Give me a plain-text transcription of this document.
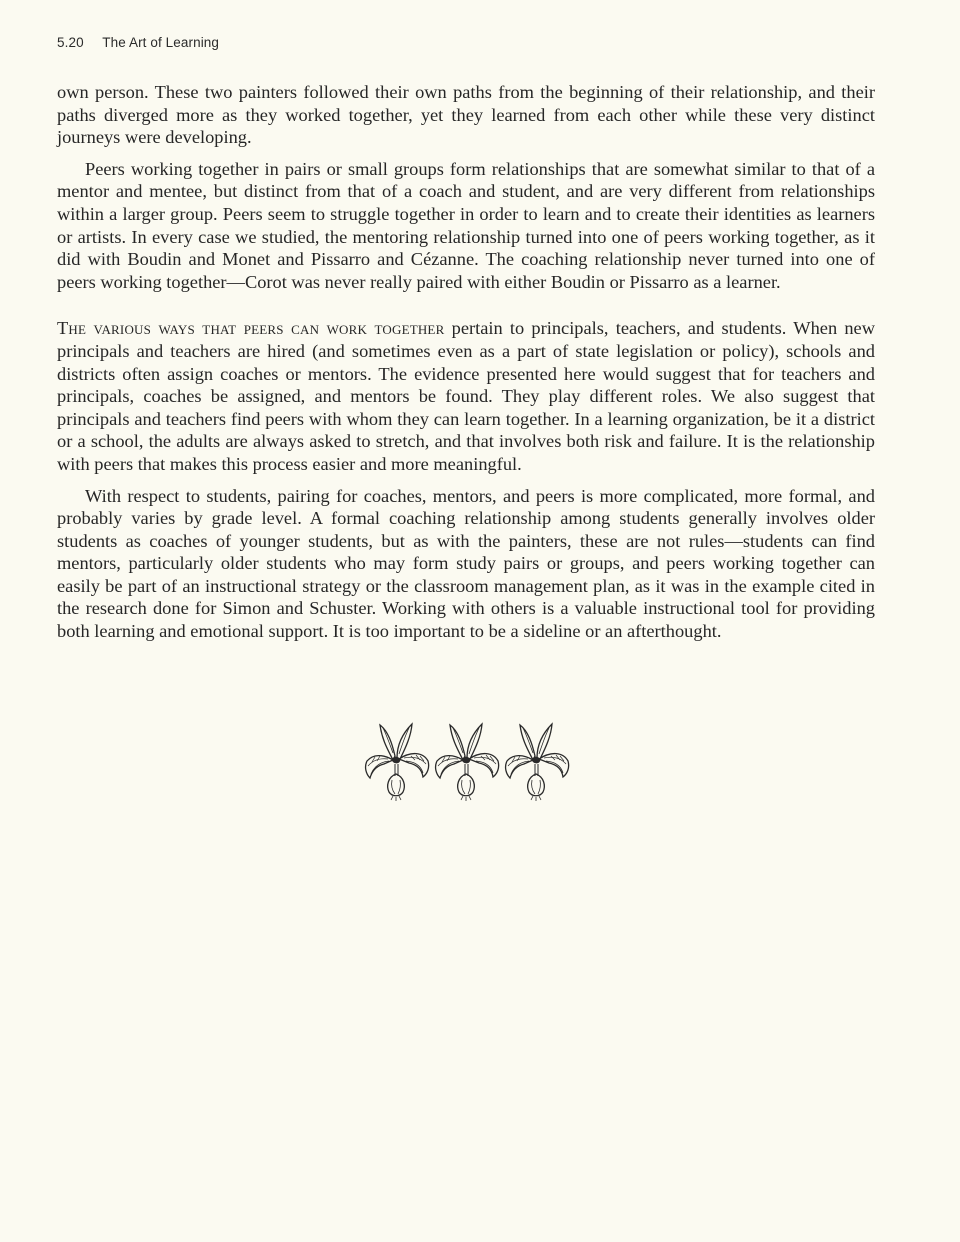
5.20 The Art of Learning

own person. These two painters followed their own paths from the beginning of their relationship, and their paths diverged more as they worked together, yet they learned from each other while these very distinct journeys were developing.

Peers working together in pairs or small groups form relationships that are somewhat similar to that of a mentor and mentee, but distinct from that of a coach and student, and are very different from relationships within a larger group. Peers seem to struggle together in order to learn and to create their identities as learners or artists. In every case we studied, the mentoring relationship turned into one of peers working together, as it did with Boudin and Monet and Pissarro and Cézanne. The coaching relationship never turned into one of peers working together—Corot was never really paired with either Boudin or Pissarro as a learner.

The various ways that peers can work together pertain to principals, teachers, and students. When new principals and teachers are hired (and sometimes even as a part of state legislation or policy), schools and districts often assign coaches or mentors. The evidence presented here would suggest that for teachers and principals, coaches be assigned, and mentors be found. They play different roles. We also suggest that principals and teachers find peers with whom they can learn together. In a learning organization, be it a district or a school, the adults are always asked to stretch, and that involves both risk and failure. It is the relationship with peers that makes this process easier and more meaningful.

With respect to students, pairing for coaches, mentors, and peers is more complicated, more formal, and probably varies by grade level. A formal coaching relationship among students generally involves older students as coaches of younger students, but as with the painters, these are not rules—students can find mentors, particularly older students who may form study pairs or groups, and peers working together can easily be part of an instructional strategy or the classroom management plan, as it was in the example cited in the research done for Simon and Schuster. Working with others is a valuable instructional tool for providing both learning and emotional support. It is too important to be a sideline or an afterthought.
